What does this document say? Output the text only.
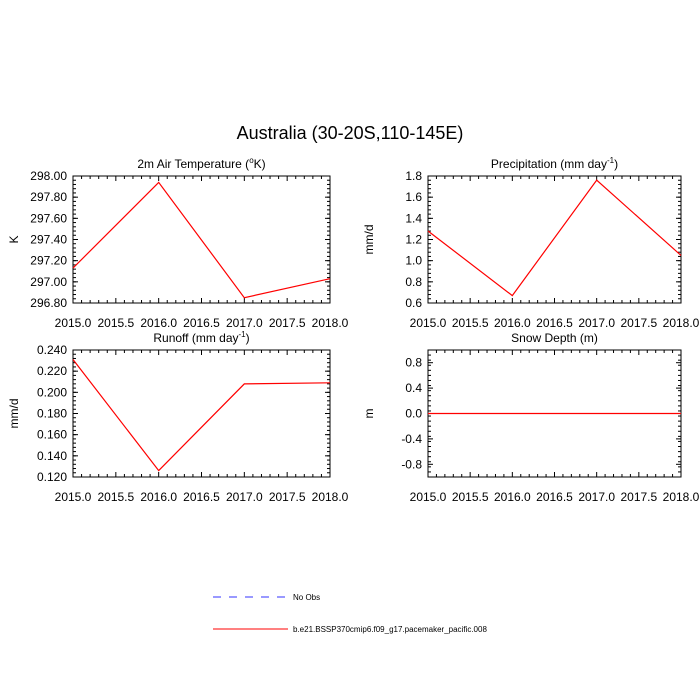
Australia (30-20S,110-145E)
2015.0 2015.5 2016.0 2016.5 2017.0 2017.5 2018.0
296.80
297.00
297.20
297.40
297.60
297.80
298.00
2m Air Temperature ($^o$K)
K
2015.0 2015.5 2016.0 2016.5 2017.0 2017.5 2018.0
0.6
0.8
1.0
1.2
1.4
1.6
1.8
Precipitation (mm day$^{-1}$)
mm/d
2015.0 2015.5 2016.0 2016.5 2017.0 2017.5 2018.0
0.120
0.140
0.160
0.180
0.200
0.220
0.240
Runoff (mm day$^{-1}$)
mm/d
2015.0 2015.5 2016.0 2016.5 2017.0 2017.5 2018.0
-0.8
-0.4
0.0
0.4
0.8
Snow Depth (m)
m
No Obs
b.e21.BSSP370cmip6.f09_g17.pacemaker_pacific.008
